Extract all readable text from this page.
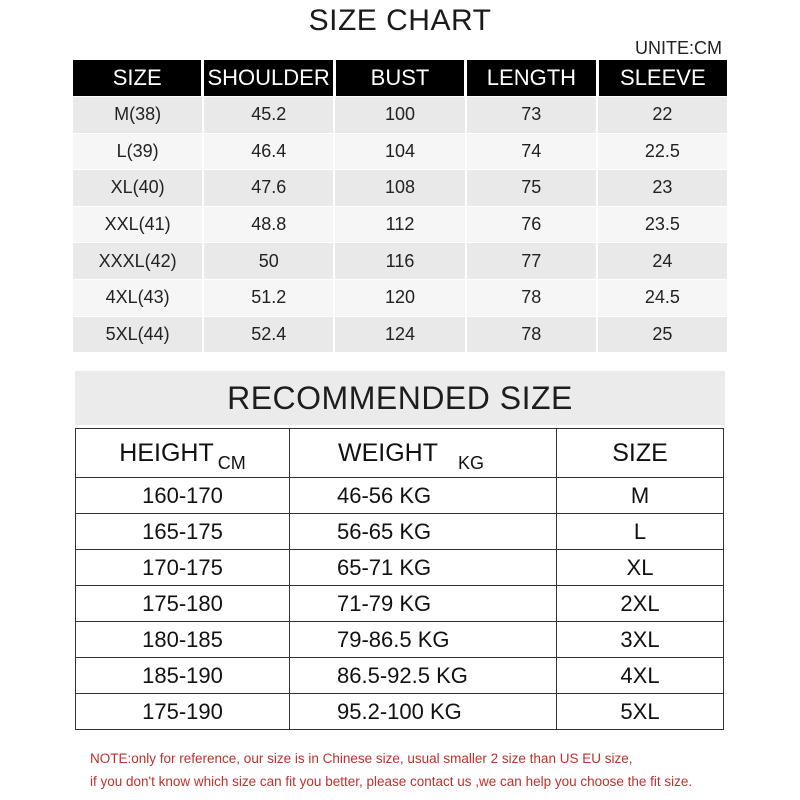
SIZE CHART
UNITE:CM
SIZE	SHOULDER	BUST	LENGTH	SLEEVE
M(38)	45.2	100	73	22
L(39)	46.4	104	74	22.5
XL(40)	47.6	108	75	23
XXL(41)	48.8	112	76	23.5
XXXL(42)	50	116	77	24
4XL(43)	51.2	120	78	24.5
5XL(44)	52.4	124	78	25
RECOMMENDED SIZE
HEIGHT $_{CM}$	WEIGHT $_{KG}$	SIZE
160-170	46-56 KG	M
165-175	56-65 KG	L
170-175	65-71 KG	XL
175-180	71-79 KG	2XL
180-185	79-86.5 KG	3XL
185-190	86.5-92.5 KG	4XL
175-190	95.2-100 KG	5XL
NOTE:only for reference, our size is in Chinese size, usual smaller 2 size than US EU size,
if you don't know which size can fit you better, please contact us ,we can help you choose the fit size.
